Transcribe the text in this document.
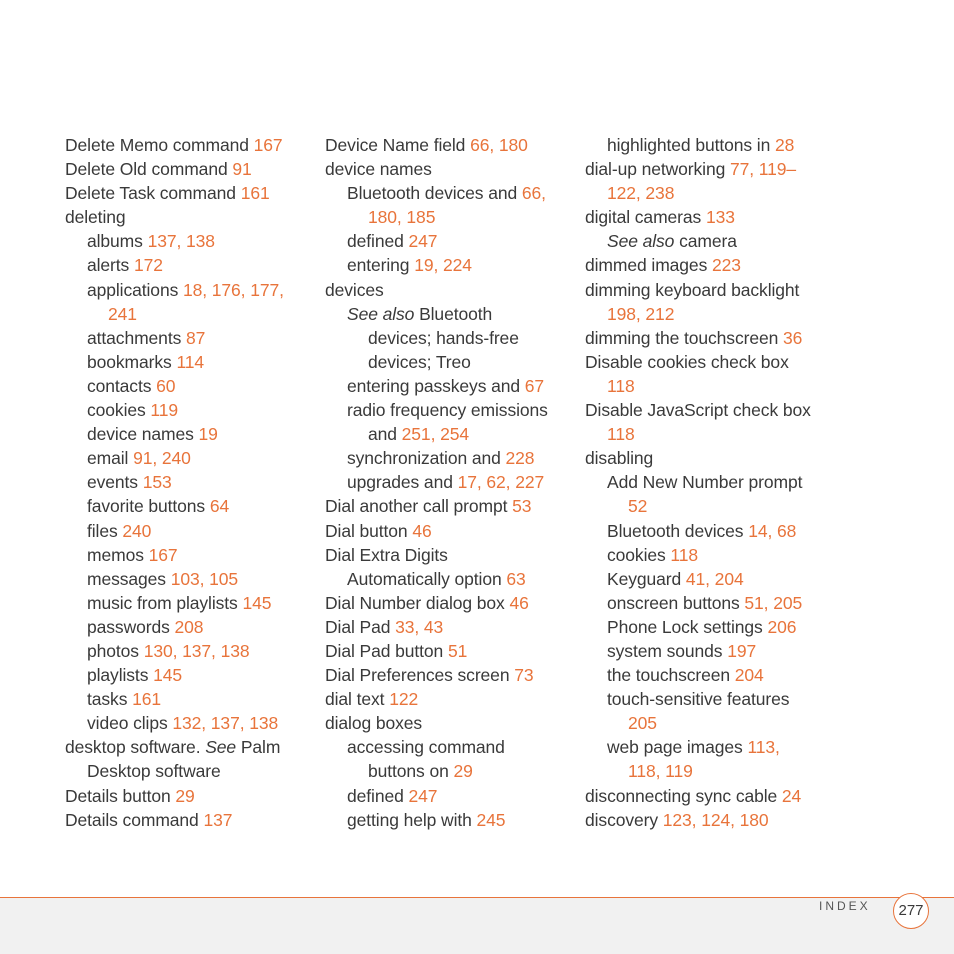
Delete Memo command 167
Delete Old command 91
Delete Task command 161
deleting
albums 137, 138
alerts 172
applications 18, 176, 177,
241
attachments 87
bookmarks 114
contacts 60
cookies 119
device names 19
email 91, 240
events 153
favorite buttons 64
files 240
memos 167
messages 103, 105
music from playlists 145
passwords 208
photos 130, 137, 138
playlists 145
tasks 161
video clips 132, 137, 138
desktop software. See Palm
Desktop software
Details button 29
Details command 137
Device Name field 66, 180
device names
Bluetooth devices and 66,
180, 185
defined 247
entering 19, 224
devices
See also Bluetooth
devices; hands-free
devices; Treo
entering passkeys and 67
radio frequency emissions
and 251, 254
synchronization and 228
upgrades and 17, 62, 227
Dial another call prompt 53
Dial button 46
Dial Extra Digits
Automatically option 63
Dial Number dialog box 46
Dial Pad 33, 43
Dial Pad button 51
Dial Preferences screen 73
dial text 122
dialog boxes
accessing command
buttons on 29
defined 247
getting help with 245
highlighted buttons in 28
dial-up networking 77, 119–
122, 238
digital cameras 133
See also camera
dimmed images 223
dimming keyboard backlight
198, 212
dimming the touchscreen 36
Disable cookies check box
118
Disable JavaScript check box
118
disabling
Add New Number prompt
52
Bluetooth devices 14, 68
cookies 118
Keyguard 41, 204
onscreen buttons 51, 205
Phone Lock settings 206
system sounds 197
the touchscreen 204
touch-sensitive features
205
web page images 113,
118, 119
disconnecting sync cable 24
discovery 123, 124, 180
INDEX	277
